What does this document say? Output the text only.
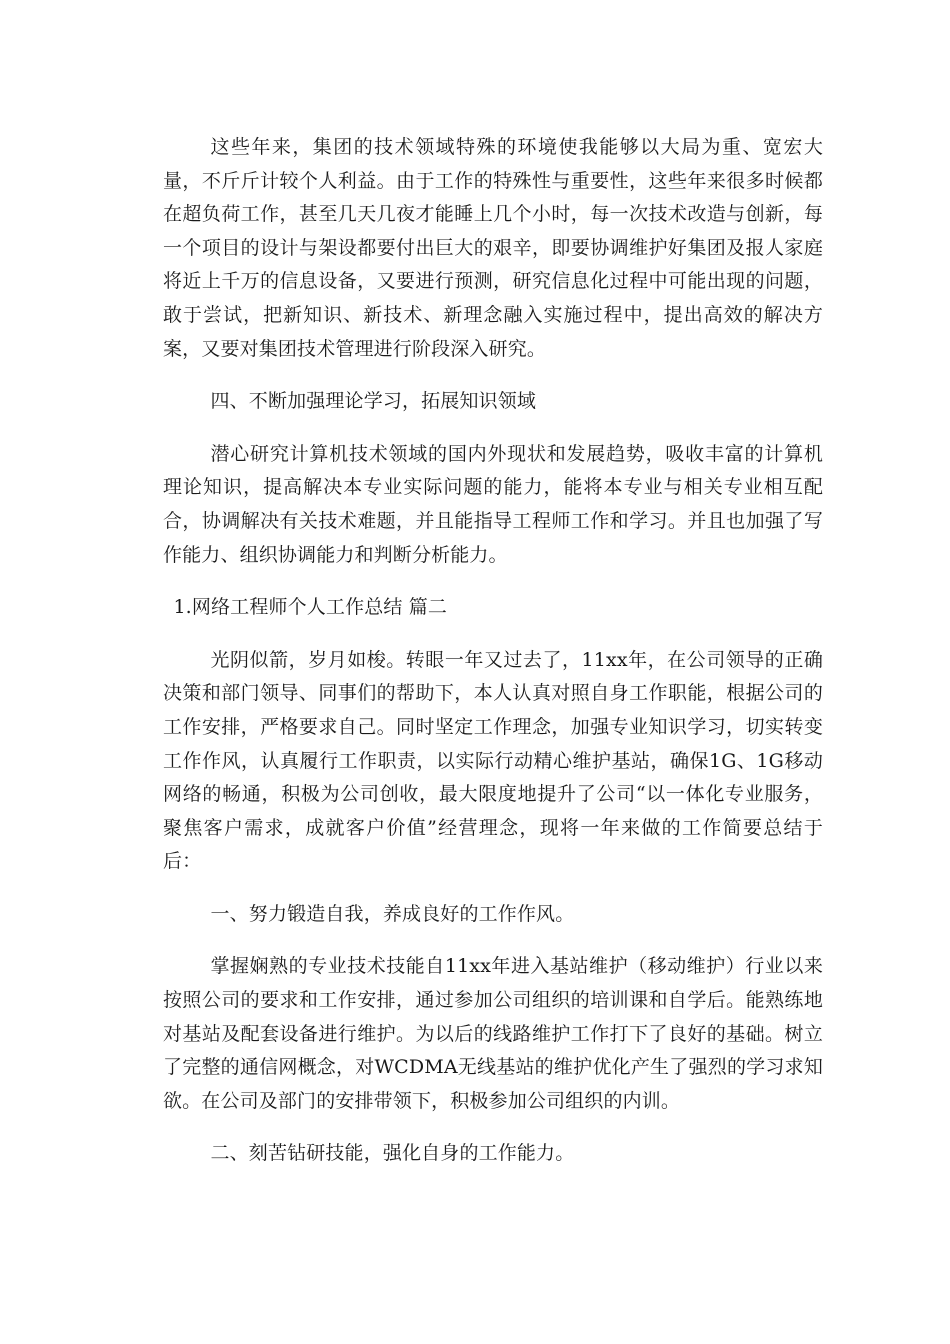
这些年来，集团的技术领域特殊的环境使我能够以大局为重、宽宏大量，不斤斤计较个人利益。由于工作的特殊性与重要性，这些年来很多时候都在超负荷工作，甚至几天几夜才能睡上几个小时，每一次技术改造与创新，每一个项目的设计与架设都要付出巨大的艰辛，即要协调维护好集团及报人家庭将近上千万的信息设备，又要进行预测，研究信息化过程中可能出现的问题，敢于尝试，把新知识、新技术、新理念融入实施过程中，提出高效的解决方案，又要对集团技术管理进行阶段深入研究。

四、不断加强理论学习，拓展知识领域

潜心研究计算机技术领域的国内外现状和发展趋势，吸收丰富的计算机理论知识，提高解决本专业实际问题的能力，能将本专业与相关专业相互配合，协调解决有关技术难题，并且能指导工程师工作和学习。并且也加强了写作能力、组织协调能力和判断分析能力。

1.网络工程师个人工作总结 篇二

光阴似箭，岁月如梭。转眼一年又过去了，11xx年，在公司领导的正确决策和部门领导、同事们的帮助下，本人认真对照自身工作职能，根据公司的工作安排，严格要求自己。同时坚定工作理念，加强专业知识学习，切实转变工作作风，认真履行工作职责，以实际行动精心维护基站，确保1G、1G移动网络的畅通，积极为公司创收，最大限度地提升了公司“以一体化专业服务，聚焦客户需求，成就客户价值”经营理念，现将一年来做的工作简要总结于后：

一、努力锻造自我，养成良好的工作作风。

掌握娴熟的专业技术技能自11xx年进入基站维护（移动维护）行业以来按照公司的要求和工作安排，通过参加公司组织的培训课和自学后。能熟练地对基站及配套设备进行维护。为以后的线路维护工作打下了良好的基础。树立了完整的通信网概念，对WCDMA无线基站的维护优化产生了强烈的学习求知欲。在公司及部门的安排带领下，积极参加公司组织的内训。

二、刻苦钻研技能，强化自身的工作能力。
